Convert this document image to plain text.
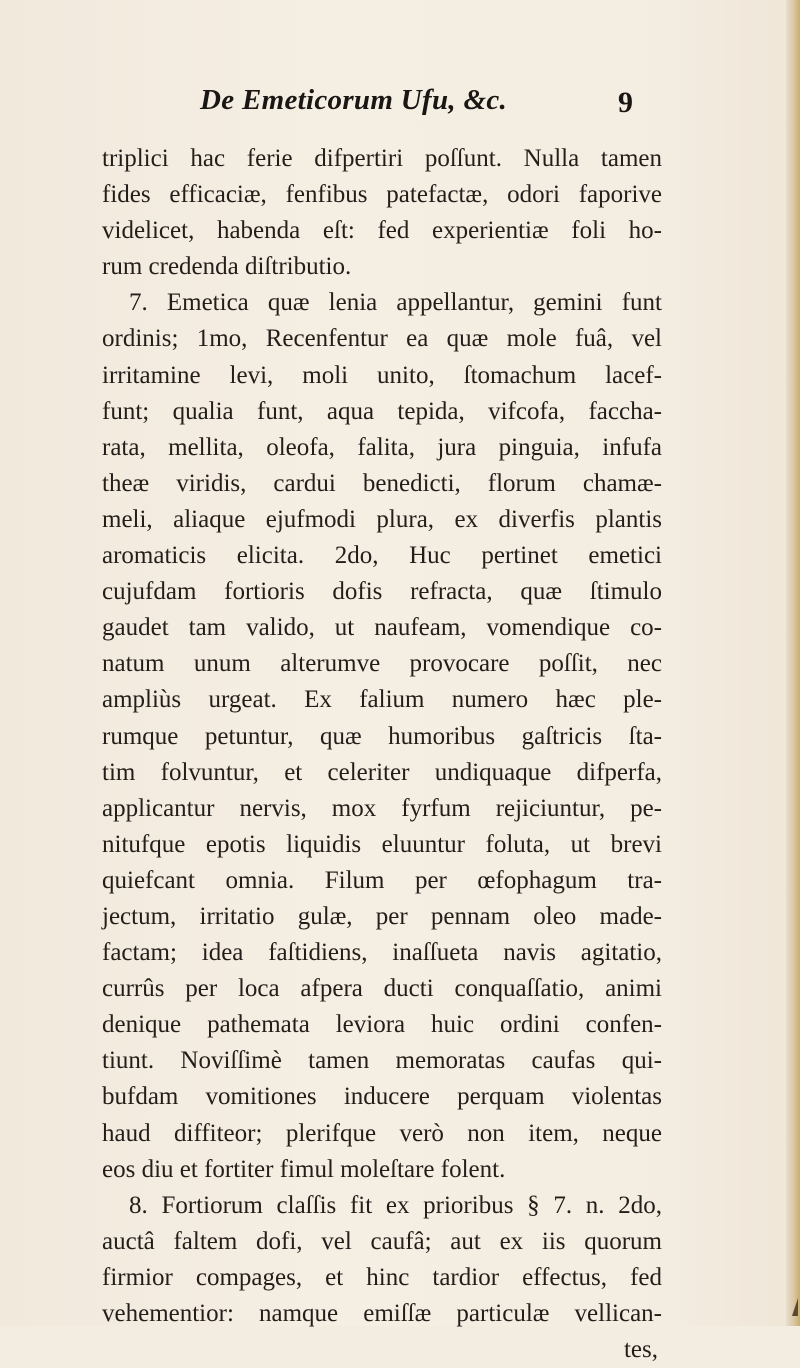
De Emeticorum Ufu, &c.	9
triplici hac ferie difpertiri poſſunt. Nulla tamen
fides efficaciæ, fenfibus patefactæ, odori faporive
videlicet, habenda eſt: fed experientiæ foli ho-
rum credenda diſtributio.
7. Emetica quæ lenia appellantur, gemini funt
ordinis; 1mo, Recenfentur ea quæ mole fuâ, vel
irritamine levi, moli unito, ſtomachum lacef-
funt; qualia funt, aqua tepida, vifcofa, faccha-
rata, mellita, oleofa, falita, jura pinguia, infufa
theæ viridis, cardui benedicti, florum chamæ-
meli, aliaque ejufmodi plura, ex diverfis plantis
aromaticis elicita. 2do, Huc pertinet emetici
cujufdam fortioris dofis refracta, quæ ſtimulo
gaudet tam valido, ut naufeam, vomendique co-
natum unum alterumve provocare poſſit, nec
ampliùs urgeat. Ex falium numero hæc ple-
rumque petuntur, quæ humoribus gaſtricis ſta-
tim folvuntur, et celeriter undiquaque difperfa,
applicantur nervis, mox fyrfum rejiciuntur, pe-
nitufque epotis liquidis eluuntur foluta, ut brevi
quiefcant omnia. Filum per œfophagum tra-
jectum, irritatio gulæ, per pennam oleo made-
factam; idea faſtidiens, inaſſueta navis agitatio,
currûs per loca afpera ducti conquaſſatio, animi
denique pathemata leviora huic ordini confen-
tiunt. Noviſſimè tamen memoratas caufas qui-
bufdam vomitiones inducere perquam violentas
haud diffiteor; plerifque verò non item, neque
eos diu et fortiter fimul moleſtare folent.
8. Fortiorum claſſis fit ex prioribus § 7. n. 2do,
auctâ faltem dofi, vel caufâ; aut ex iis quorum
firmior compages, et hinc tardior effectus, fed
vehementior: namque emiſſæ particulæ vellican-
tes,
